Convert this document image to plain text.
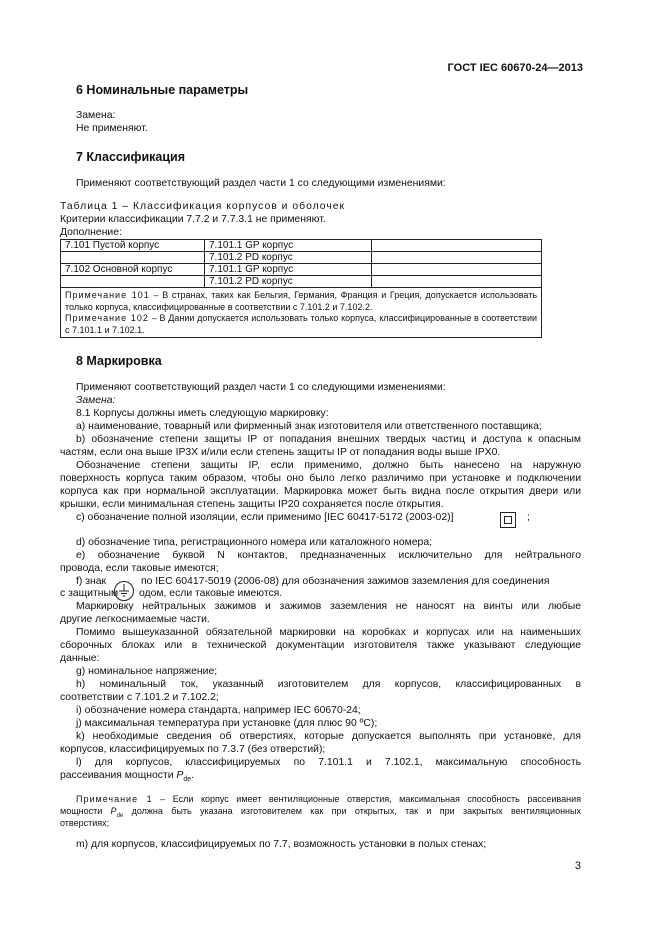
ГОСТ IEC 60670-24—2013
6 Номинальные параметры
Замена:
Не применяют.
7 Классификация
Применяют соответствующий раздел части 1 со следующими изменениями:
Таблица 1 – Классификация корпусов и оболочек
Критерии классификации 7.7.2 и 7.7.3.1 не применяют.
Дополнение:
7.101 Пустой корпус	7.101.1 GP корпус	
	7.101.2 PD корпус	
7.102 Основной корпус	7.101.1 GP корпус	
	7.101.2 PD корпус	

Примечание 101 – В странах, таких как Бельгия, Германия, Франция и Греция, допускается использовать только корпуса, классифицированные в соответствии с 7.101.2 и 7.102.2.
Примечание 102 – В Дании допускается использовать только корпуса, классифицированные в соответствии с 7.101.1 и 7.102.1.		
8 Маркировка
Применяют соответствующий раздел части 1 со следующими изменениями:
Замена:
8.1 Корпусы должны иметь следующую маркировку:
а) наименование, товарный или фирменный знак изготовителя или ответственного поставщика;
b) обозначение степени защиты IP от попадания внешних твердых частиц и доступа к опасным
частям, если она выше IP3X и/или если степень защиты IP от попадания воды выше IPX0.
Обозначение степени защиты IP, если применимо, должно быть нанесено на наружную
поверхность корпуса таким образом, чтобы оно было легко различимо при установке и подключении
корпуса как при нормальной эксплуатации. Маркировка может быть видна после открытия двери или
крышки, если минимальная степень защиты IP20 сохраняется после открытия.
c) обозначение полной изоляции, если применимо [IEC 60417-5172 (2003-02)]	;
d) обозначение типа, регистрационного номера или каталожного номера;
e) обозначение буквой N контактов, предназначенных исключительно для нейтрального
провода, если таковые имеются;
f) знак	по IEC 60417-5019 (2006-08) для обозначения зажимов заземления для соединения
с защитным одом, если таковые имеются.
Маркировку нейтральных зажимов и зажимов заземления не наносят на винты или любые
другие легкоснимаемые части.
Помимо вышеуказанной обязательной маркировки на коробках и корпусах или на наименьших
сборочных блоках или в технической документации изготовителя также указывают следующие
данные:
g) номинальное напряжение;
h) номинальный ток, указанный изготовителем для корпусов, классифицированных в
соответствии с 7.101.2 и 7.102.2;
i) обозначение номера стандарта, например IEC 60670-24;
j) максимальная температура при установке (для плюс 90 ºС);
k) необходимые сведения об отверстиях, которые допускается выполнять при установке, для
корпусов, классифицируемых по 7.3.7 (без отверстий);
l) для корпусов, классифицируемых по 7.101.1 и 7.102.1, максимальную способность
рассеивания мощности $P_{de}$.
Примечание 1 – Если корпус имеет вентиляционные отверстия, максимальная способность рассеивания
мощности $P_{de}$ должна быть указана изготовителем как при открытых, так и при закрытых вентиляционных
отверстиях;
m) для корпусов, классифицируемых по 7.7, возможность установки в полых стенах;
3
